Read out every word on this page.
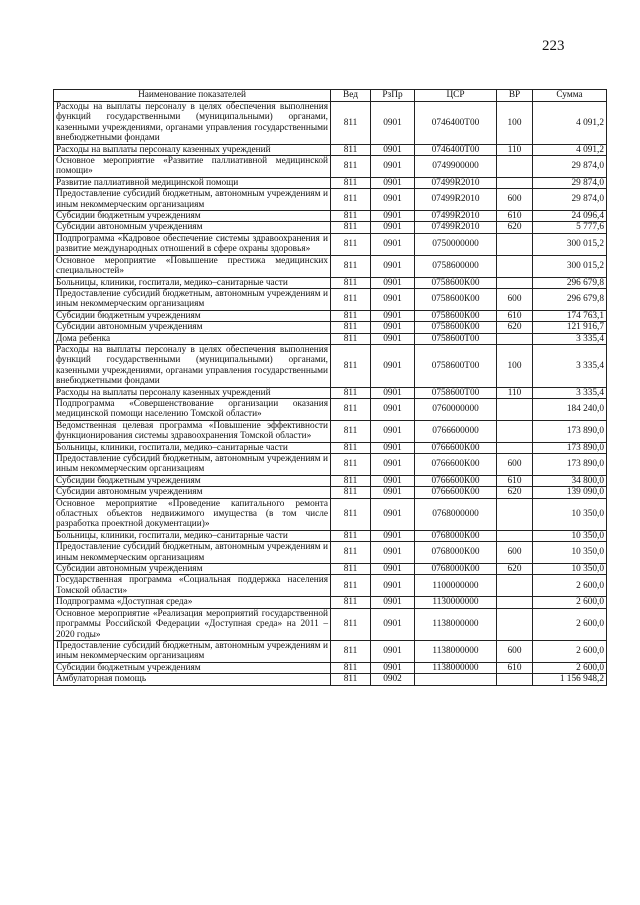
223
Наименование показателей	Вед	РзПр	ЦСР	ВР	Сумма
Расходы на выплаты персоналу в целях обеспечения выполнения функций государственными (муниципальными) органами, казенными учреждениями, органами управления государственными внебюджетными фондами	811	0901	0746400Т00	100	4 091,2
Расходы на выплаты персоналу казенных учреждений	811	0901	0746400Т00	110	4 091,2
Основное мероприятие «Развитие паллиативной медицинской помощи»	811	0901	0749900000		29 874,0
Развитие паллиативной медицинской помощи	811	0901	07499R2010		29 874,0
Предоставление субсидий бюджетным, автономным учреждениям и иным некоммерческим организациям	811	0901	07499R2010	600	29 874,0
Субсидии бюджетным учреждениям	811	0901	07499R2010	610	24 096,4
Субсидии автономным учреждениям	811	0901	07499R2010	620	5 777,6
Подпрограмма «Кадровое обеспечение системы здравоохранения и развитие международных отношений в сфере охраны здоровья»	811	0901	0750000000		300 015,2
Основное мероприятие «Повышение престижа медицинских специальностей»	811	0901	0758600000		300 015,2
Больницы, клиники, госпитали, медико–санитарные части	811	0901	0758600К00		296 679,8
Предоставление субсидий бюджетным, автономным учреждениям и иным некоммерческим организациям	811	0901	0758600К00	600	296 679,8
Субсидии бюджетным учреждениям	811	0901	0758600К00	610	174 763,1
Субсидии автономным учреждениям	811	0901	0758600К00	620	121 916,7
Дома ребенка	811	0901	0758600Т00		3 335,4
Расходы на выплаты персоналу в целях обеспечения выполнения функций государственными (муниципальными) органами, казенными учреждениями, органами управления государственными внебюджетными фондами	811	0901	0758600Т00	100	3 335,4
Расходы на выплаты персоналу казенных учреждений	811	0901	0758600Т00	110	3 335,4
Подпрограмма «Совершенствование организации оказания медицинской помощи населению Томской области»	811	0901	0760000000		184 240,0
Ведомственная целевая программа «Повышение эффективности функционирования системы здравоохранения Томской области»	811	0901	0766600000		173 890,0
Больницы, клиники, госпитали, медико–санитарные части	811	0901	0766600К00		173 890,0
Предоставление субсидий бюджетным, автономным учреждениям и иным некоммерческим организациям	811	0901	0766600К00	600	173 890,0
Субсидии бюджетным учреждениям	811	0901	0766600К00	610	34 800,0
Субсидии автономным учреждениям	811	0901	0766600К00	620	139 090,0
Основное мероприятие «Проведение капитального ремонта областных объектов недвижимого имущества (в том числе разработка проектной документации)»	811	0901	0768000000		10 350,0
Больницы, клиники, госпитали, медико–санитарные части	811	0901	0768000К00		10 350,0
Предоставление субсидий бюджетным, автономным учреждениям и иным некоммерческим организациям	811	0901	0768000К00	600	10 350,0
Субсидии автономным учреждениям	811	0901	0768000К00	620	10 350,0
Государственная программа «Социальная поддержка населения Томской области»	811	0901	1100000000		2 600,0
Подпрограмма «Доступная среда»	811	0901	1130000000		2 600,0
Основное мероприятие «Реализация мероприятий государственной программы Российской Федерации «Доступная среда» на 2011 – 2020 годы»	811	0901	1138000000		2 600,0
Предоставление субсидий бюджетным, автономным учреждениям и иным некоммерческим организациям	811	0901	1138000000	600	2 600,0
Субсидии бюджетным учреждениям	811	0901	1138000000	610	2 600,0
Амбулаторная помощь	811	0902			1 156 948,2
